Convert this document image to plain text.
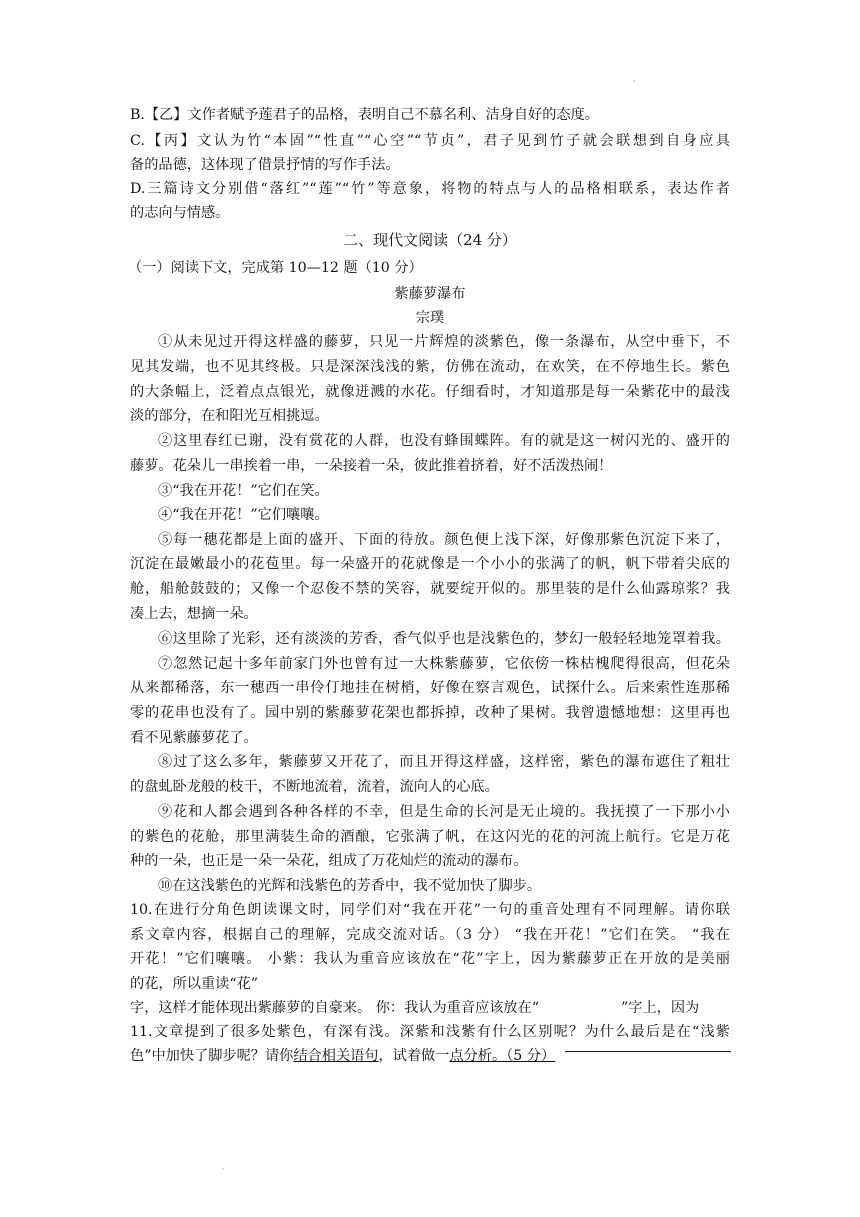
B.【乙】文作者赋予莲君子的品格，表明自己不慕名利、洁身自好的态度。
C.【丙】文认为竹“本固”“性直”“心空”“节贞”，君子见到竹子就会联想到自身应具
备的品德，这体现了借景抒情的写作手法。
D.三篇诗文分别借“落红”“莲”“竹”等意象，将物的特点与人的品格相联系，表达作者
的志向与情感。
二、现代文阅读（24 分）
（一）阅读下文，完成第 10—12 题（10 分）
紫藤萝瀑布
宗璞
①从未见过开得这样盛的藤萝，只见一片辉煌的淡紫色，像一条瀑布，从空中垂下，不
见其发端，也不见其终极。只是深深浅浅的紫，仿佛在流动，在欢笑，在不停地生长。紫色
的大条幅上，泛着点点银光，就像迸溅的水花。仔细看时，才知道那是每一朵紫花中的最浅
淡的部分，在和阳光互相挑逗。
②这里春红已谢，没有赏花的人群，也没有蜂围蝶阵。有的就是这一树闪光的、盛开的
藤萝。花朵儿一串挨着一串，一朵接着一朵，彼此推着挤着，好不活泼热闹！
③“我在开花！”它们在笑。
④“我在开花！”它们嚷嚷。
⑤每一穗花都是上面的盛开、下面的待放。颜色便上浅下深，好像那紫色沉淀下来了，
沉淀在最嫩最小的花苞里。每一朵盛开的花就像是一个小小的张满了的帆，帆下带着尖底的
舱，船舱鼓鼓的；又像一个忍俊不禁的笑容，就要绽开似的。那里装的是什么仙露琼浆？我
凑上去，想摘一朵。
⑥这里除了光彩，还有淡淡的芳香，香气似乎也是浅紫色的，梦幻一般轻轻地笼罩着我。
⑦忽然记起十多年前家门外也曾有过一大株紫藤萝，它依傍一株枯槐爬得很高，但花朵
从来都稀落，东一穗西一串伶仃地挂在树梢，好像在察言观色，试探什么。后来索性连那稀
零的花串也没有了。园中别的紫藤萝花架也都拆掉，改种了果树。我曾遗憾地想：这里再也
看不见紫藤萝花了。
⑧过了这么多年，紫藤萝又开花了，而且开得这样盛，这样密，紫色的瀑布遮住了粗壮
的盘虬卧龙般的枝干，不断地流着，流着，流向人的心底。
⑨花和人都会遇到各种各样的不幸，但是生命的长河是无止境的。我抚摸了一下那小小
的紫色的花舱，那里满装生命的酒酿，它张满了帆，在这闪光的花的河流上航行。它是万花
种的一朵，也正是一朵一朵花，组成了万花灿烂的流动的瀑布。
⑩在这浅紫色的光辉和浅紫色的芳香中，我不觉加快了脚步。
10.在进行分角色朗读课文时，同学们对“我在开花”一句的重音处理有不同理解。请你联
系文章内容，根据自己的理解，完成交流对话。（3 分） “我在开花！”它们在笑。 “我在
开花！”它们嚷嚷。 小紫：我认为重音应该放在“花”字上，因为紫藤萝正在开放的是美丽
的花，所以重读“花”
字，这样才能体现出紫藤萝的自豪来。 你：我认为重音应该放在“	”字上，因为
11.文章提到了很多处紫色，有深有浅。深紫和浅紫有什么区别呢？为什么最后是在“浅紫
色”中加快了脚步呢？请你结合相关语句，试着做一点分析。（5 分）
